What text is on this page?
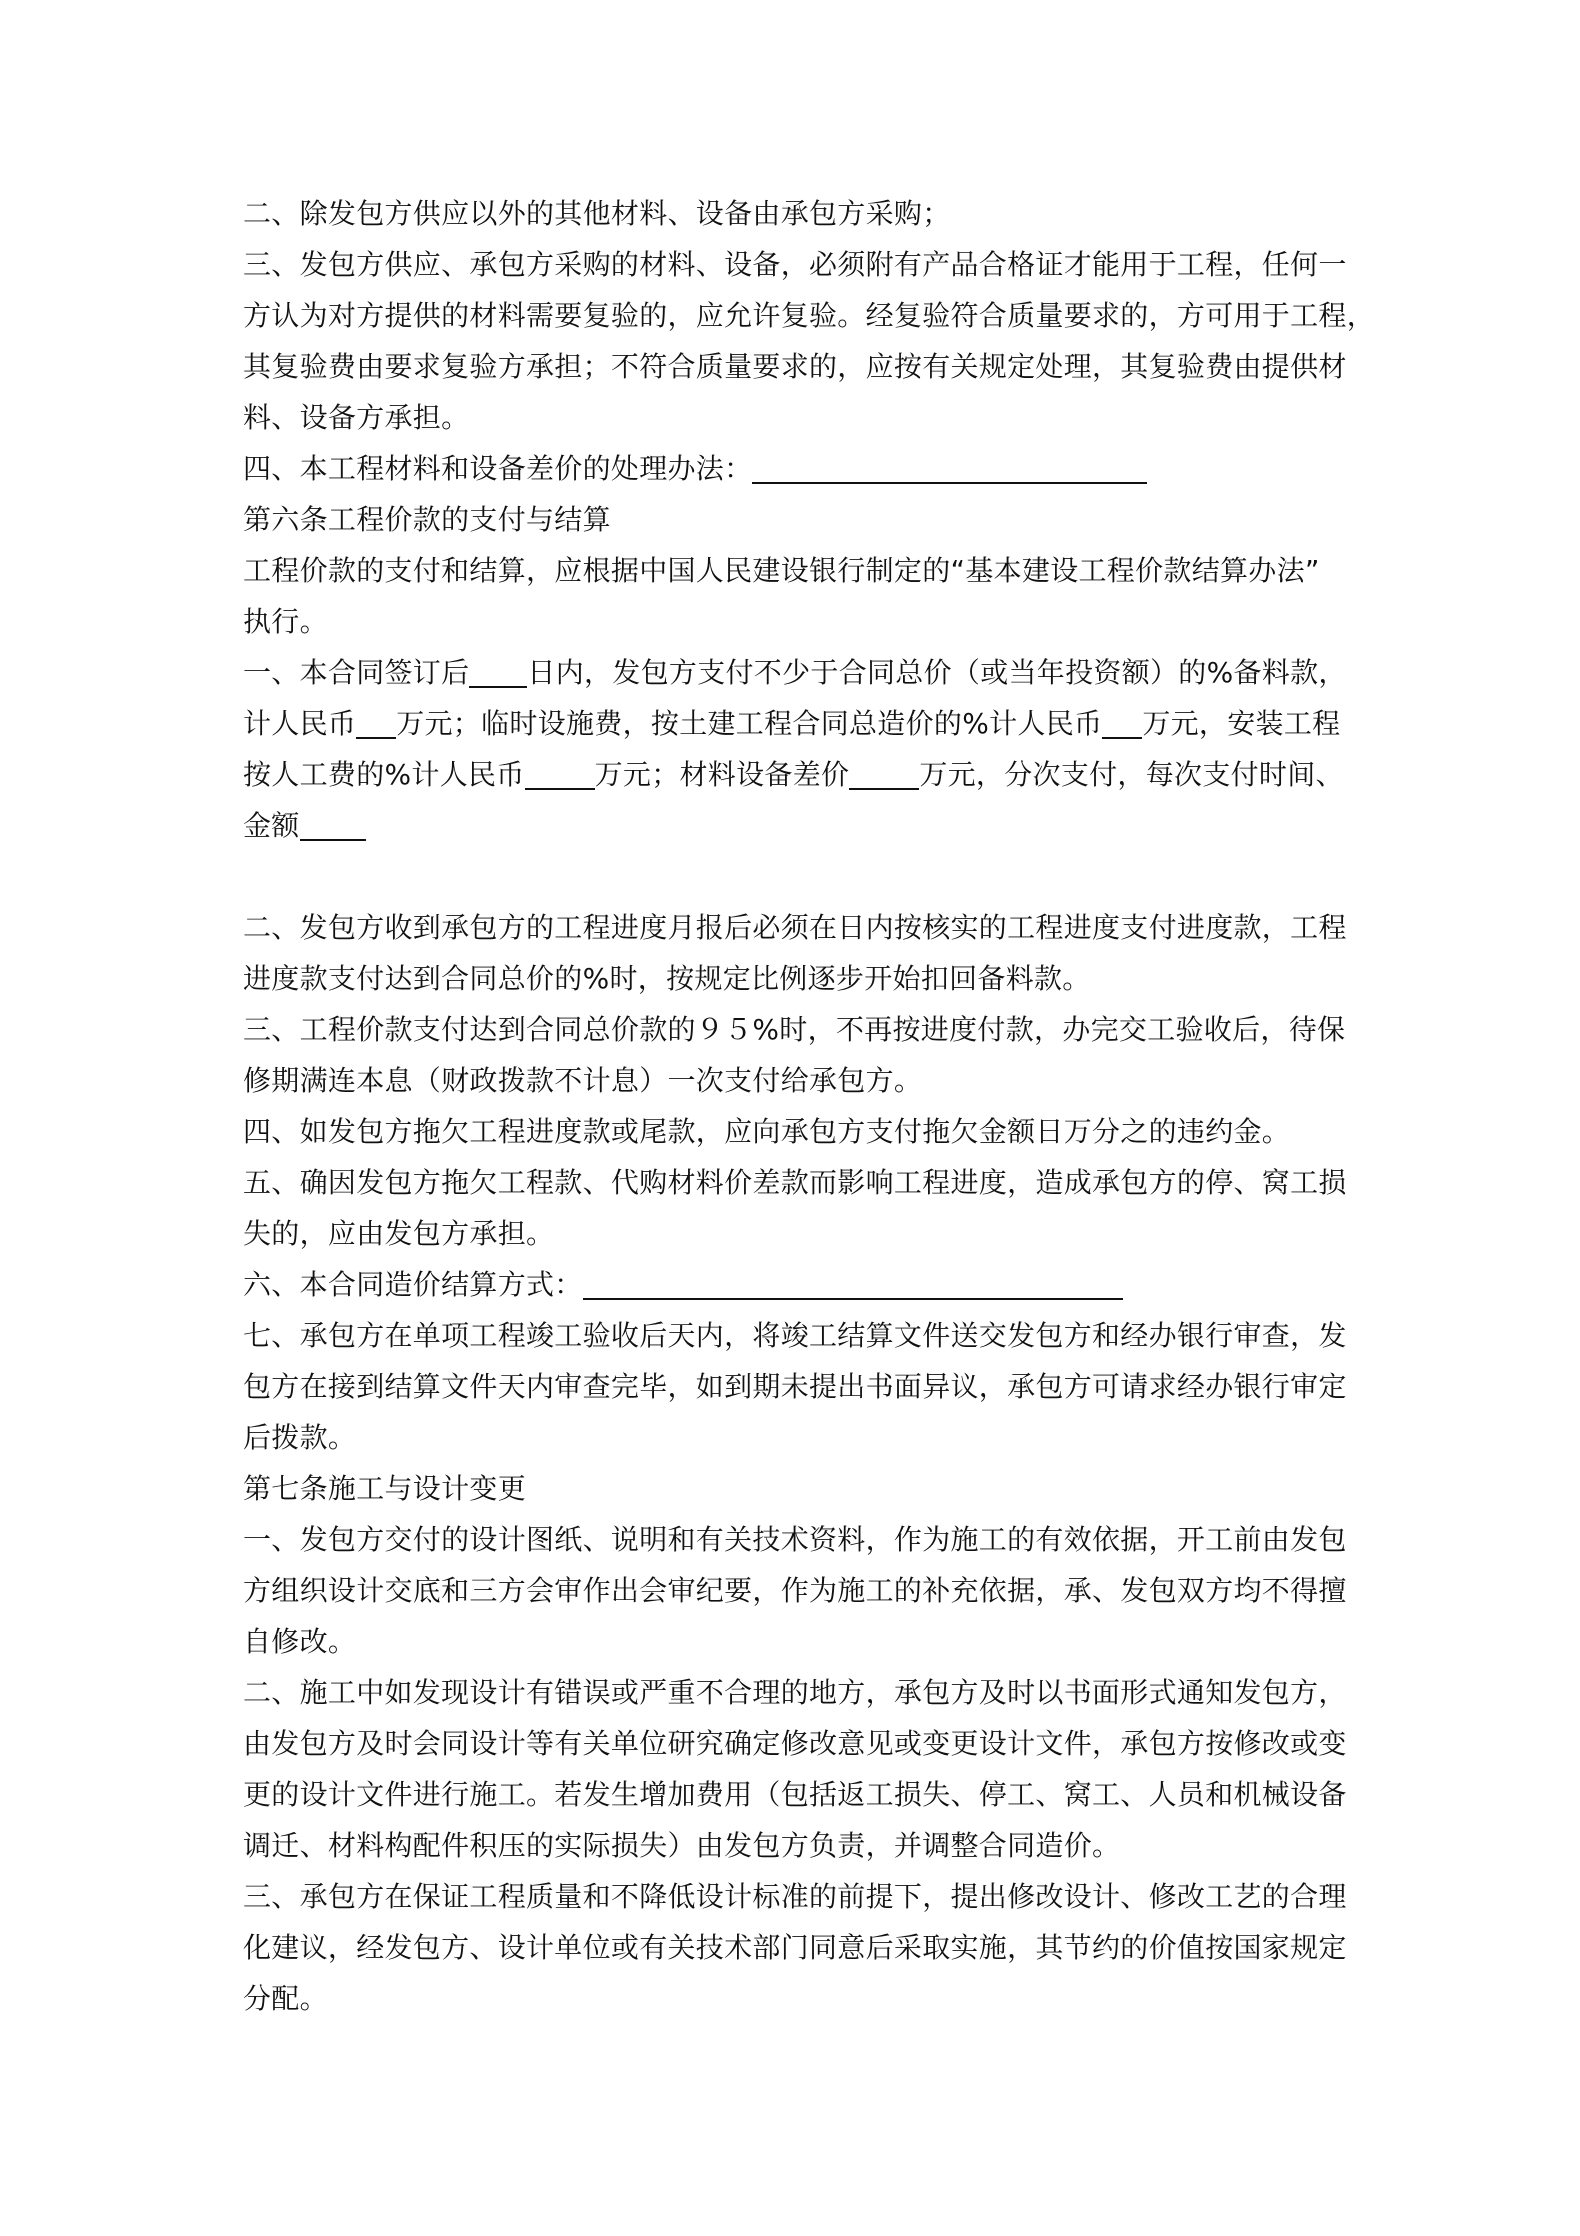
二、除发包方供应以外的其他材料、设备由承包方采购；
三、发包方供应、承包方采购的材料、设备，必须附有产品合格证才能用于工程，任何一
方认为对方提供的材料需要复验的，应允许复验。经复验符合质量要求的，方可用于工程，
其复验费由要求复验方承担；不符合质量要求的，应按有关规定处理，其复验费由提供材
料、设备方承担。
四、本工程材料和设备差价的处理办法：
第六条工程价款的支付与结算
工程价款的支付和结算，应根据中国人民建设银行制定的“基本建设工程价款结算办法”
执行。
一、本合同签订后 日内，发包方支付不少于合同总价（或当年投资额）的%备料款，
计人民币 万元；临时设施费，按土建工程合同总造价的%计人民币 万元，安装工程
按人工费的%计人民币	万元；材料设备差价	万元，分次支付，每次支付时间、
金额
二、发包方收到承包方的工程进度月报后必须在日内按核实的工程进度支付进度款，工程
进度款支付达到合同总价的%时，按规定比例逐步开始扣回备料款。
三、工程价款支付达到合同总价款的９５%时，不再按进度付款，办完交工验收后，待保
修期满连本息（财政拨款不计息）一次支付给承包方。
四、如发包方拖欠工程进度款或尾款，应向承包方支付拖欠金额日万分之的违约金。
五、确因发包方拖欠工程款、代购材料价差款而影响工程进度，造成承包方的停、窝工损
失的，应由发包方承担。
六、本合同造价结算方式：
七、承包方在单项工程竣工验收后天内，将竣工结算文件送交发包方和经办银行审查，发
包方在接到结算文件天内审查完毕，如到期未提出书面异议，承包方可请求经办银行审定
后拨款。
第七条施工与设计变更
一、发包方交付的设计图纸、说明和有关技术资料，作为施工的有效依据，开工前由发包
方组织设计交底和三方会审作出会审纪要，作为施工的补充依据，承、发包双方均不得擅
自修改。
二、施工中如发现设计有错误或严重不合理的地方，承包方及时以书面形式通知发包方，
由发包方及时会同设计等有关单位研究确定修改意见或变更设计文件，承包方按修改或变
更的设计文件进行施工。若发生增加费用（包括返工损失、停工、窝工、人员和机械设备
调迁、材料构配件积压的实际损失）由发包方负责，并调整合同造价。
三、承包方在保证工程质量和不降低设计标准的前提下，提出修改设计、修改工艺的合理
化建议，经发包方、设计单位或有关技术部门同意后采取实施，其节约的价值按国家规定
分配。
